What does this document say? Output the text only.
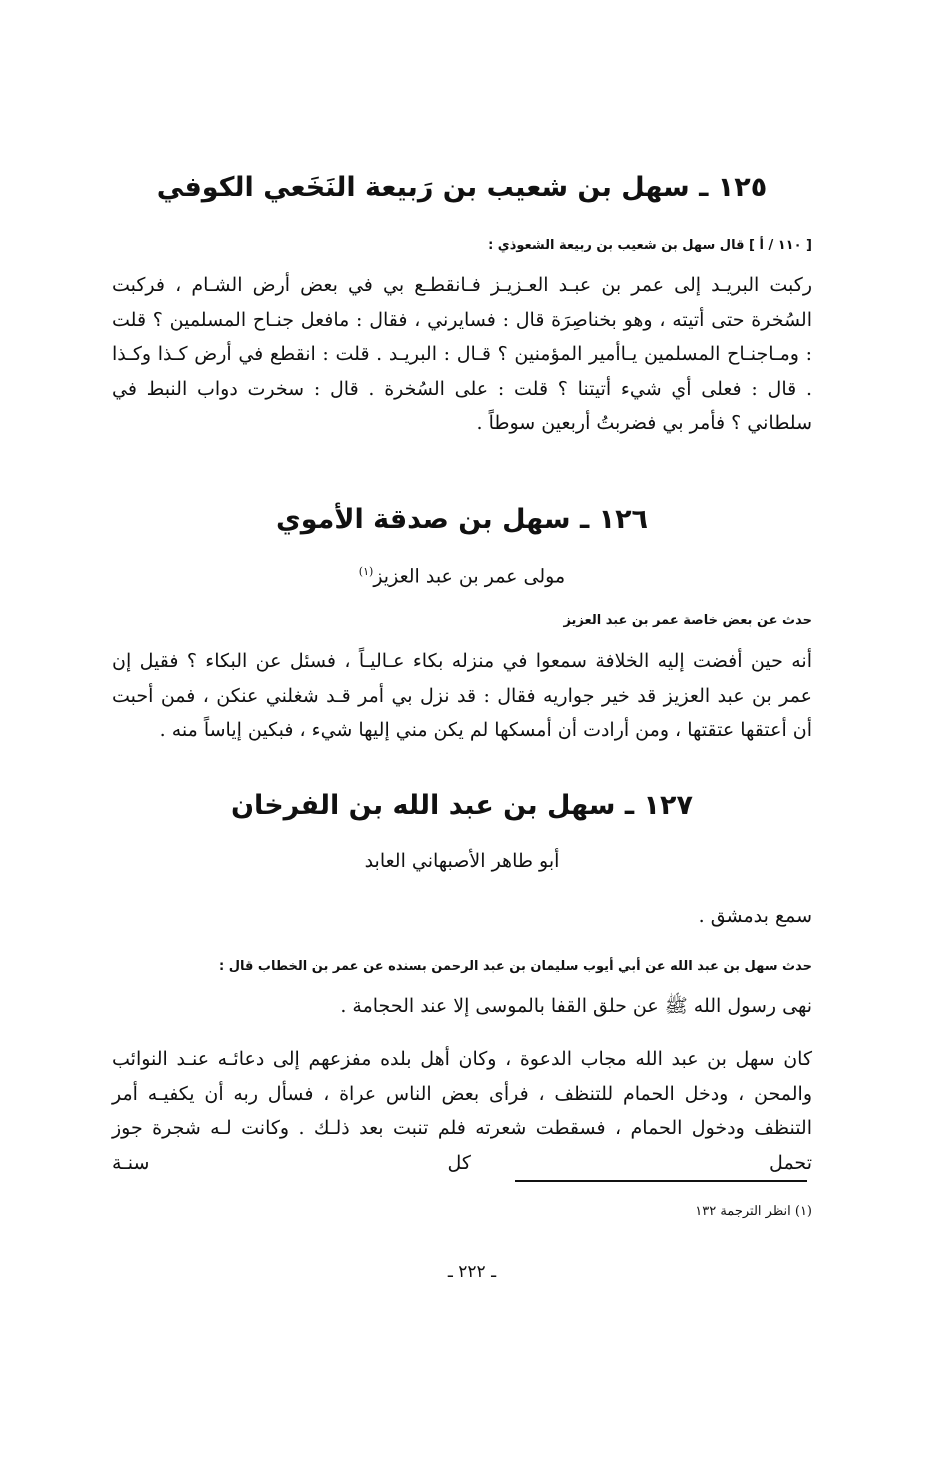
١٢٥ ـ سهل بن شعيب بن رَبيعة النَخَعي الكوفي
[ ١١٠ / أ ] قال سهل بن شعيب بن ربيعة الشعوذي :

ركبت البريـد إلى عمر بن عبـد العـزيـز فـانقطـع بي في بعض أرض الشـام ، فركبت السُخرة حتى أتيته ، وهو بخناصِرَة قال : فسايرني ، فقال : مافعل جنـاح المسلمين ؟ قلت : ومـاجنـاح المسلمين يـاأمير المؤمنين ؟ قـال : البريـد . قلت : انقطع في أرض كـذا وكـذا . قال : فعلى أي شيء أتيتنا ؟ قلت : على السُخرة . قال : سخرت دواب النبط في سلطاني ؟ فأمر بي فضربتُ أربعين سوطاً .

١٢٦ ـ سهل بن صدقة الأموي
مولى عمر بن عبد العزيز$^{(١)}$
حدث عن بعض خاصة عمر بن عبد العزيز

أنه حين أفضت إليه الخلافة سمعوا في منزله بكاء عـاليـاً ، فسئل عن البكاء ؟ فقيل إن عمر بن عبد العزيز قد خير جواريه فقال : قد نزل بي أمر قـد شغلني عنكن ، فمن أحبت أن أعتقها عتقتها ، ومن أرادت أن أمسكها لم يكن مني إليها شيء ، فبكين إياساً منه .

١٢٧ ـ سهل بن عبد الله بن الفرخان
أبو طاهر الأصبهاني العابد
سمع بدمشق .
حدث سهل بن عبد الله عن أبي أيوب سليمان بن عبد الرحمن بسنده عن عمر بن الخطاب قال :
نهى رسول الله ﷺ عن حلق القفا بالموسى إلا عند الحجامة .

كان سهل بن عبد الله مجاب الدعوة ، وكان أهل بلده مفزعهم إلى دعائـه عنـد النوائب والمحن ، ودخل الحمام للتنظف ، فرأى بعض الناس عراة ، فسأل ربه أن يكفيـه أمر التنظف ودخول الحمام ، فسقطت شعرته فلم تنبت بعد ذلـك . وكانت لـه شجرة جوز تحمل كل سنـة

(١) انظر الترجمة ١٣٢
ـ ٢٢٢ ـ
